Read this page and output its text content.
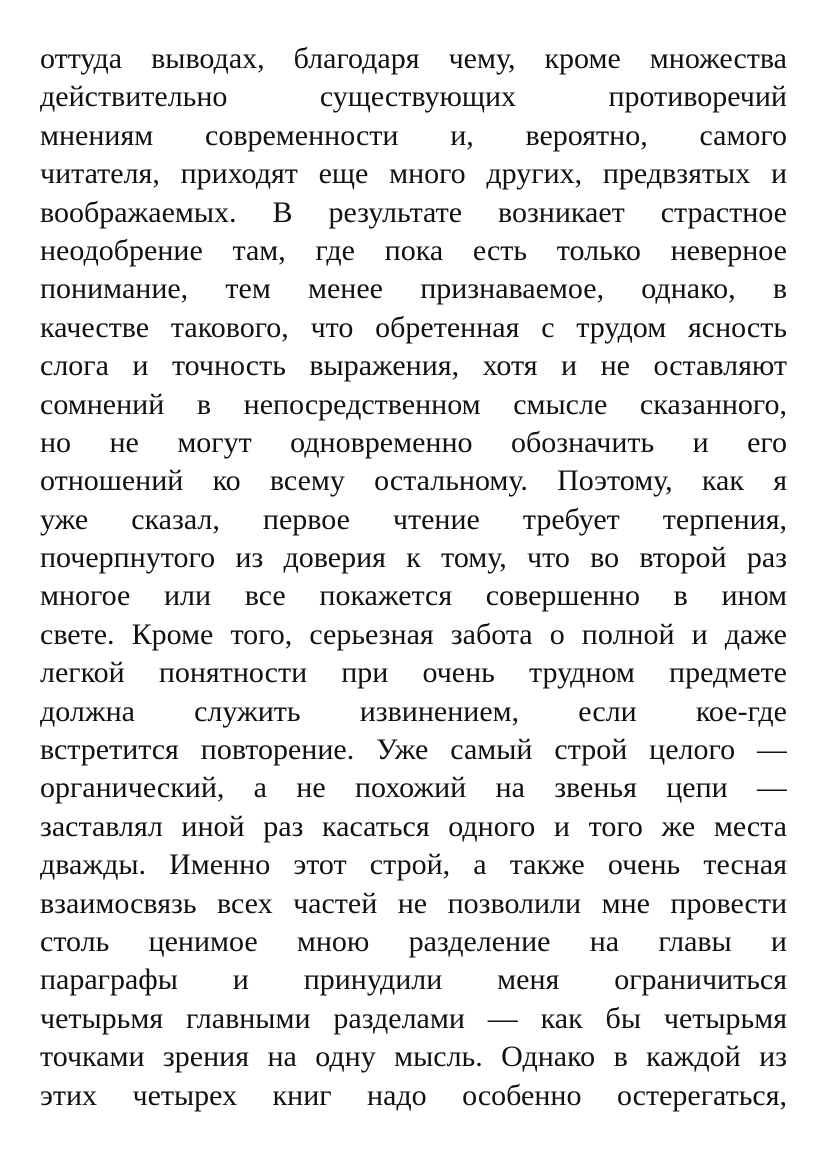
оттуда выводах, благодаря чему, кроме множества
действительно существующих противоречий
мнениям современности и, вероятно, самого
читателя, приходят еще много других, предвзятых и
воображаемых. В результате возникает страстное
неодобрение там, где пока есть только неверное
понимание, тем менее признаваемое, однако, в
качестве такового, что обретенная с трудом ясность
слога и точность выражения, хотя и не оставляют
сомнений в непосредственном смысле сказанного,
но не могут одновременно обозначить и его
отношений ко всему остальному. Поэтому, как я
уже сказал, первое чтение требует терпения,
почерпнутого из доверия к тому, что во второй раз
многое или все покажется совершенно в ином
свете. Кроме того, серьезная забота о полной и даже
легкой понятности при очень трудном предмете
должна служить извинением, если кое-где
встретится повторение. Уже самый строй целого —
органический, а не похожий на звенья цепи —
заставлял иной раз касаться одного и того же места
дважды. Именно этот строй, а также очень тесная
взаимосвязь всех частей не позволили мне провести
столь ценимое мною разделение на главы и
параграфы и принудили меня ограничиться
четырьмя главными разделами — как бы четырьмя
точками зрения на одну мысль. Однако в каждой из
этих четырех книг надо особенно остерегаться,
